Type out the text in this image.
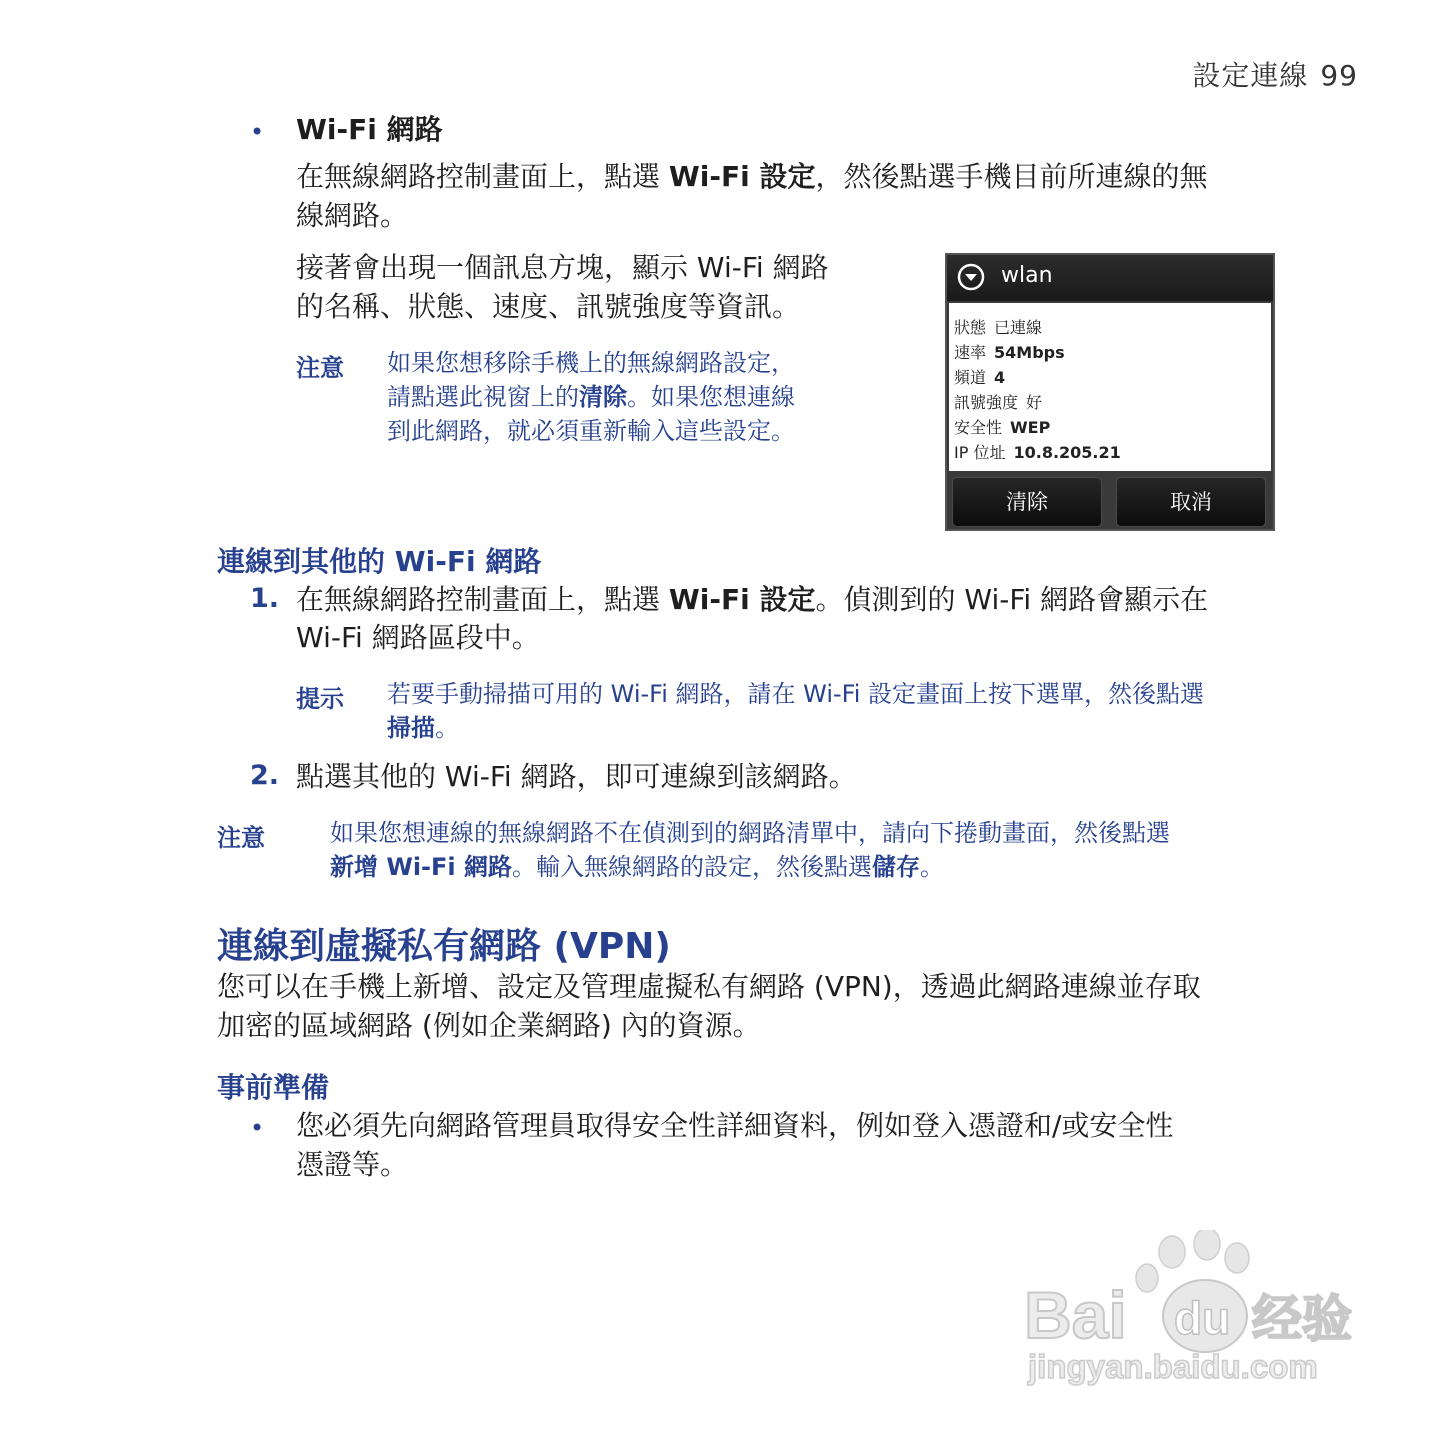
設定連線 99
• Wi-Fi 網路
在無線網路控制畫面上，點選 Wi-Fi 設定，然後點選手機目前所連線的無
線網路。
接著會出現一個訊息方塊，顯示 Wi-Fi 網路
的名稱、狀態、速度、訊號強度等資訊。
注意 如果您想移除手機上的無線網路設定，
請點選此視窗上的清除。如果您想連線
到此網路，就必須重新輸入這些設定。
wlan
狀態 已連線
速率 54Mbps
頻道 4
訊號強度 好
安全性 WEP
IP 位址 10.8.205.21
清除	取消
連線到其他的 Wi-Fi 網路
1. 在無線網路控制畫面上，點選 Wi-Fi 設定。偵測到的 Wi-Fi 網路會顯示在
Wi-Fi 網路區段中。
提示 若要手動掃描可用的 Wi-Fi 網路，請在 Wi-Fi 設定畫面上按下選單，然後點選
掃描。
2. 點選其他的 Wi-Fi 網路，即可連線到該網路。
注意	如果您想連線的無線網路不在偵測到的網路清單中，請向下捲動畫面，然後點選
新增 Wi-Fi 網路。輸入無線網路的設定，然後點選儲存。
連線到虛擬私有網路 (VPN)
您可以在手機上新增、設定及管理虛擬私有網路 (VPN)，透過此網路連線並存取
加密的區域網路 (例如企業網路) 內的資源。
事前準備
• 您必須先向網路管理員取得安全性詳細資料，例如登入憑證和/或安全性
憑證等。
Bai du 经验
jingyan.baidu.com
